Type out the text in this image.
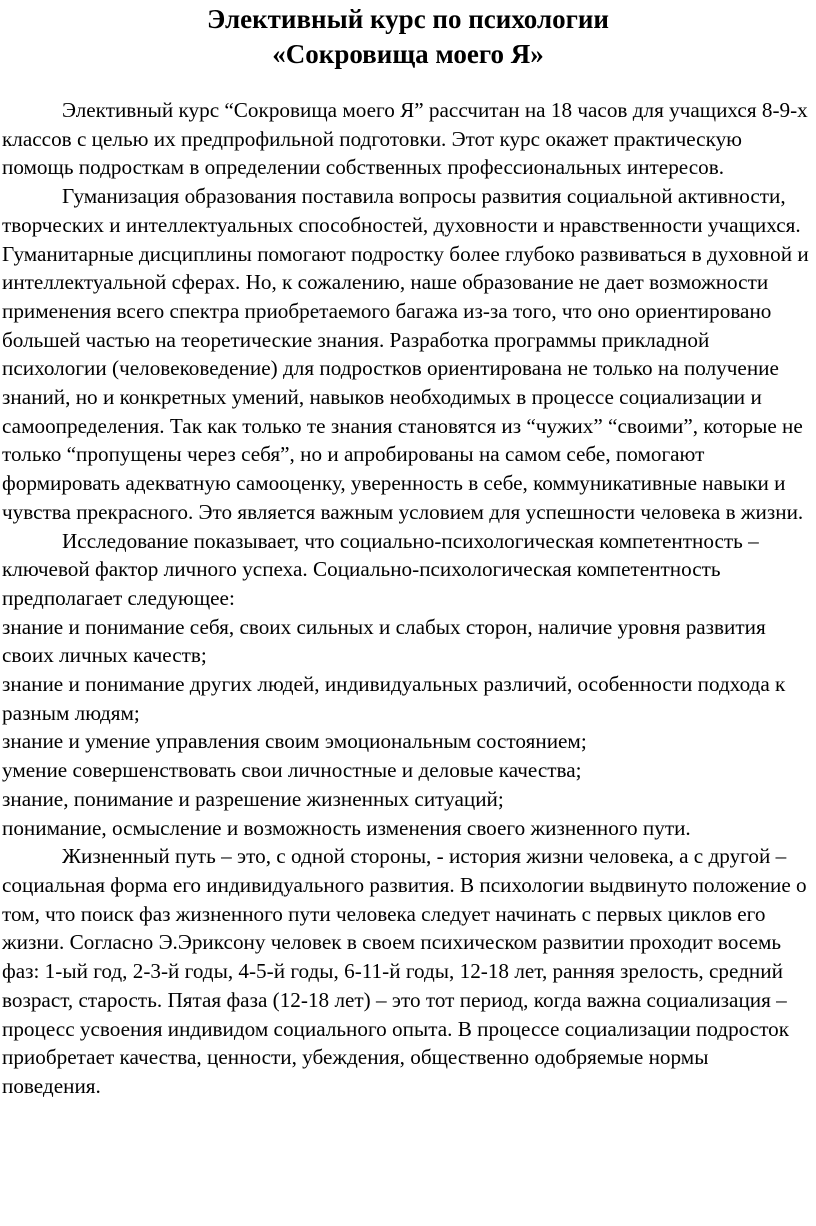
Элективный курс по психологии
«Сокровища моего Я»

Элективный курс “Сокровища моего Я” рассчитан на 18 часов для учащихся 8-9-х классов с целью их предпрофильной подготовки. Этот курс окажет практическую помощь подросткам в определении собственных профессиональных интересов.

Гуманизация образования поставила вопросы развития социальной активности, творческих и интеллектуальных способностей, духовности и нравственности учащихся. Гуманитарные дисциплины помогают подростку более глубоко развиваться в духовной и интеллектуальной сферах. Но, к сожалению, наше образование не дает возможности применения всего спектра приобретаемого багажа из-за того, что оно ориентировано большей частью на теоретические знания. Разработка программы прикладной психологии (человековедение) для подростков ориентирована не только на получение знаний, но и конкретных умений, навыков необходимых в процессе социализации и самоопределения. Так как только те знания становятся из “чужих” “своими”, которые не только “пропущены через себя”, но и апробированы на самом себе, помогают формировать адекватную самооценку, уверенность в себе, коммуникативные навыки и чувства прекрасного. Это является важным условием для успешности человека в жизни.

Исследование показывает, что социально-психологическая компетентность – ключевой фактор личного успеха. Социально-психологическая компетентность предполагает следующее:

знание и понимание себя, своих сильных и слабых сторон, наличие уровня развития своих личных качеств;

знание и понимание других людей, индивидуальных различий, особенности подхода к разным людям;

знание и умение управления своим эмоциональным состоянием;

умение совершенствовать свои личностные и деловые качества;

знание, понимание и разрешение жизненных ситуаций;

понимание, осмысление и возможность изменения своего жизненного пути.

Жизненный путь – это, с одной стороны, - история жизни человека, а с другой – социальная форма его индивидуального развития. В психологии выдвинуто положение о том, что поиск фаз жизненного пути человека следует начинать с первых циклов его жизни. Согласно Э.Эриксону человек в своем психическом развитии проходит восемь фаз: 1-ый год, 2-3-й годы, 4-5-й годы, 6-11-й годы, 12-18 лет, ранняя зрелость, средний возраст, старость. Пятая фаза (12-18 лет) – это тот период, когда важна социализация – процесс усвоения индивидом социального опыта. В процессе социализации подросток приобретает качества, ценности, убеждения, общественно одобряемые нормы поведения.
